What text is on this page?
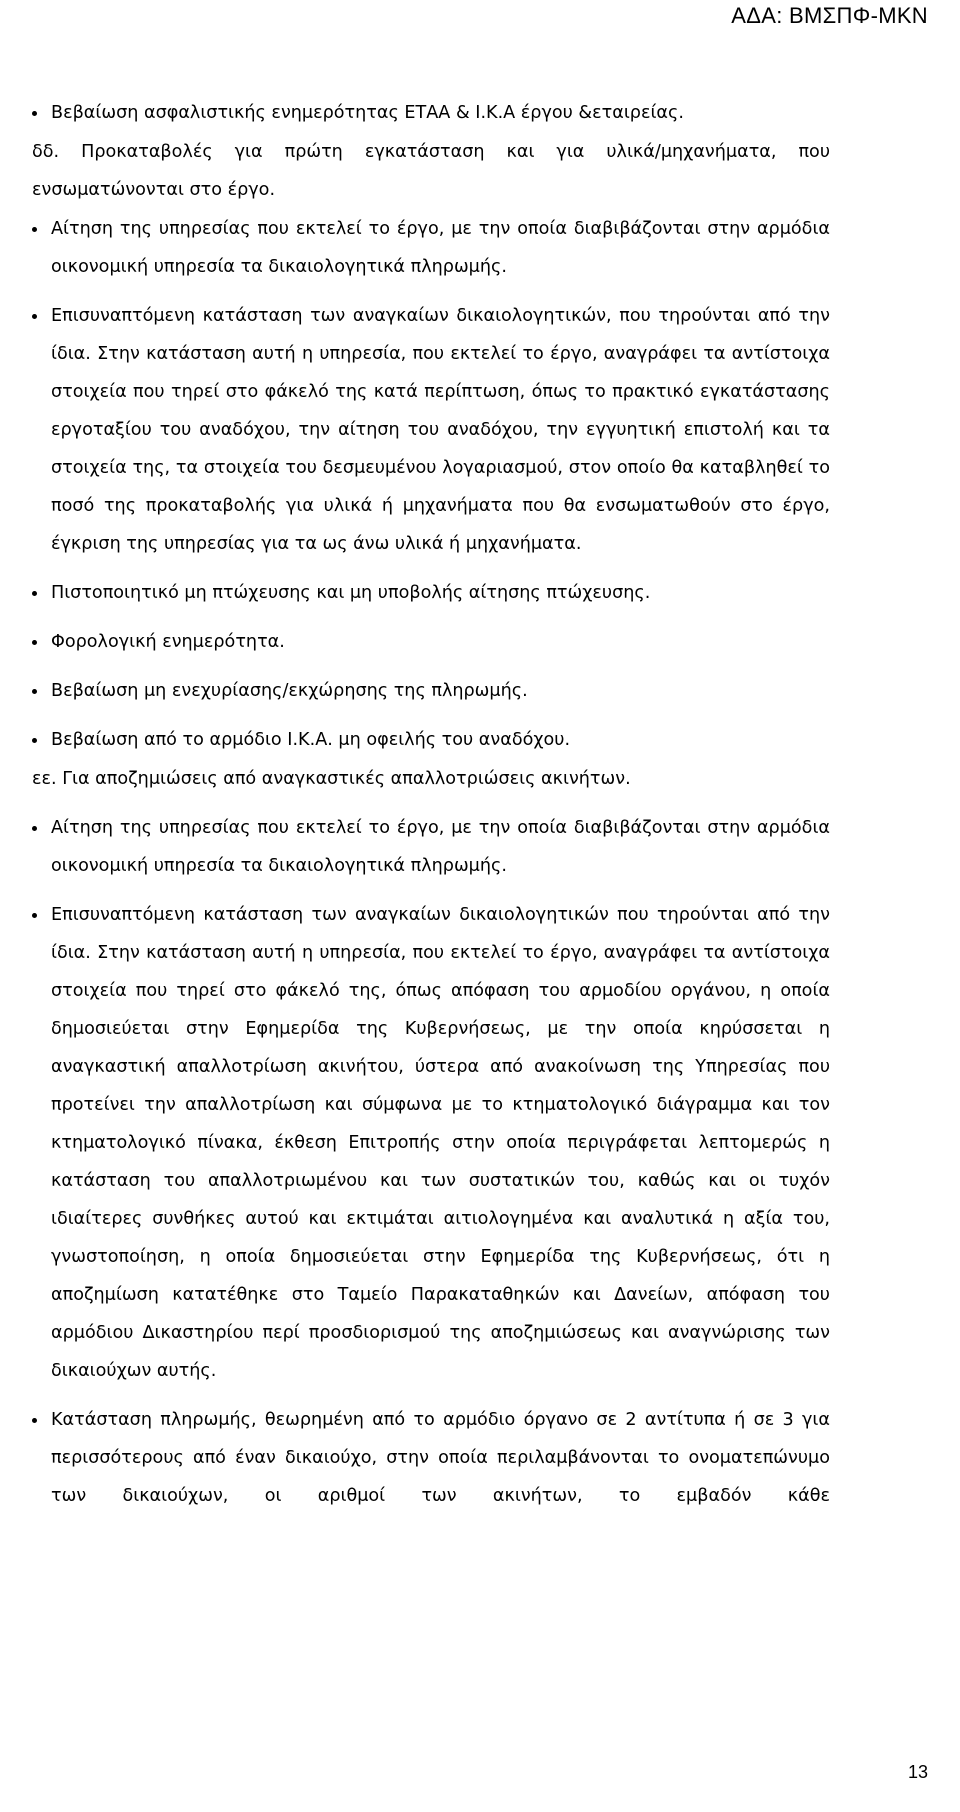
ΑΔΑ: ΒΜΣΠΦ-ΜΚΝ
Βεβαίωση ασφαλιστικής ενημερότητας ΕΤΑΑ & Ι.Κ.Α έργου &εταιρείας.
δδ. Προκαταβολές για πρώτη εγκατάσταση και για υλικά/μηχανήματα, που ενσωματώνονται στο έργο.
Αίτηση της υπηρεσίας που εκτελεί το έργο, με την οποία διαβιβάζονται στην αρμόδια οικονομική υπηρεσία τα δικαιολογητικά πληρωμής.
Επισυναπτόμενη κατάσταση των αναγκαίων δικαιολογητικών, που τηρούνται από την ίδια. Στην κατάσταση αυτή η υπηρεσία, που εκτελεί το έργο, αναγράφει τα αντίστοιχα στοιχεία που τηρεί στο φάκελό της κατά περίπτωση, όπως το πρακτικό εγκατάστασης εργοταξίου του αναδόχου, την αίτηση του αναδόχου, την εγγυητική επιστολή και τα στοιχεία της, τα στοιχεία του δεσμευμένου λογαριασμού, στον οποίο θα καταβληθεί το ποσό της προκαταβολής για υλικά ή μηχανήματα που θα ενσωματωθούν στο έργο, έγκριση της υπηρεσίας για τα ως άνω υλικά ή μηχανήματα.
Πιστοποιητικό μη πτώχευσης και μη υποβολής αίτησης πτώχευσης.
Φορολογική ενημερότητα.
Βεβαίωση μη ενεχυρίασης/εκχώρησης της πληρωμής.
Βεβαίωση από το αρμόδιο Ι.Κ.Α. μη οφειλής του αναδόχου.
εε. Για αποζημιώσεις από αναγκαστικές απαλλοτριώσεις ακινήτων.
Αίτηση της υπηρεσίας που εκτελεί το έργο, με την οποία διαβιβάζονται στην αρμόδια οικονομική υπηρεσία τα δικαιολογητικά πληρωμής.
Επισυναπτόμενη κατάσταση των αναγκαίων δικαιολογητικών που τηρούνται από την ίδια. Στην κατάσταση αυτή η υπηρεσία, που εκτελεί το έργο, αναγράφει τα αντίστοιχα στοιχεία που τηρεί στο φάκελό της, όπως απόφαση του αρμοδίου οργάνου, η οποία δημοσιεύεται στην Εφημερίδα της Κυβερνήσεως, με την οποία κηρύσσεται η αναγκαστική απαλλοτρίωση ακινήτου, ύστερα από ανακοίνωση της Υπηρεσίας που προτείνει την απαλλοτρίωση και σύμφωνα με το κτηματολογικό διάγραμμα και τον κτηματολογικό πίνακα, έκθεση Επιτροπής στην οποία περιγράφεται λεπτομερώς η κατάσταση του απαλλοτριωμένου και των συστατικών του, καθώς και οι τυχόν ιδιαίτερες συνθήκες αυτού και εκτιμάται αιτιολογημένα και αναλυτικά η αξία του, γνωστοποίηση, η οποία δημοσιεύεται στην Εφημερίδα της Κυβερνήσεως, ότι η αποζημίωση κατατέθηκε στο Ταμείο Παρακαταθηκών και Δανείων, απόφαση του αρμόδιου Δικαστηρίου περί προσδιορισμού της αποζημιώσεως και αναγνώρισης των δικαιούχων αυτής.
Κατάσταση πληρωμής, θεωρημένη από το αρμόδιο όργανο σε 2 αντίτυπα ή σε 3 για περισσότερους από έναν δικαιούχο, στην οποία περιλαμβάνονται το ονοματεπώνυμο των δικαιούχων, οι αριθμοί των ακινήτων, το εμβαδόν κάθε
13
